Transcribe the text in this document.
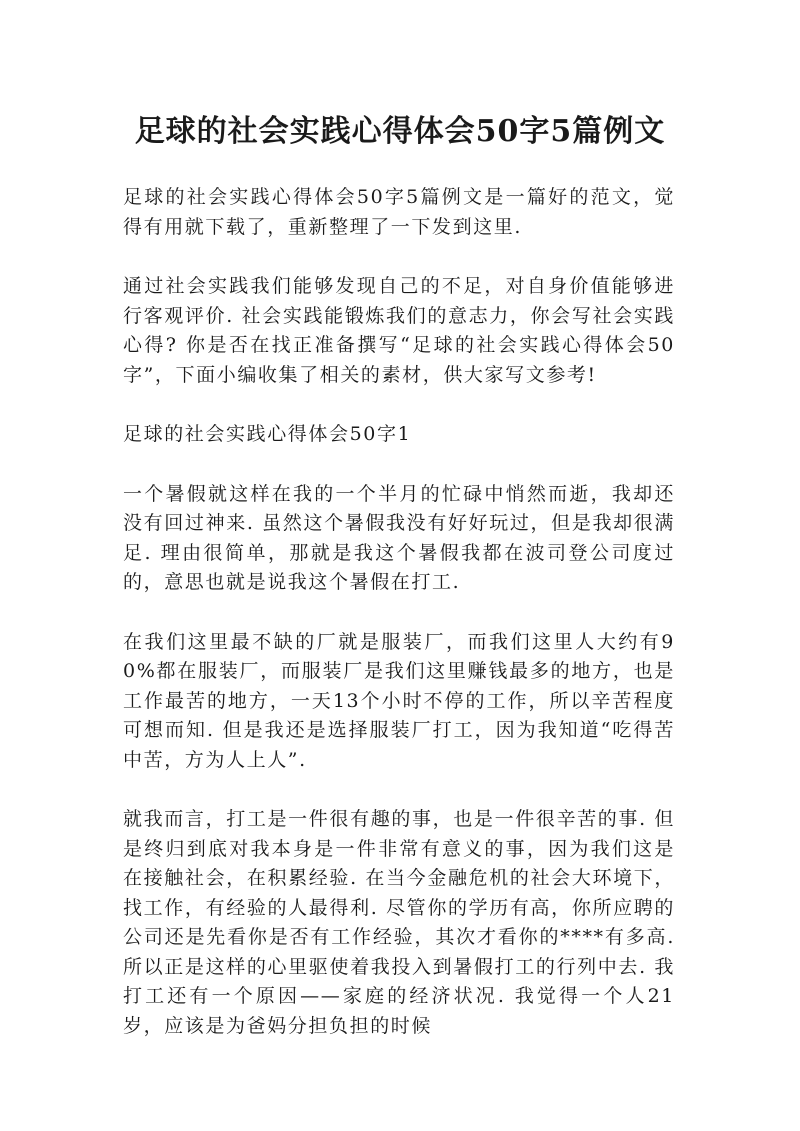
足球的社会实践心得体会50字5篇例文

足球的社会实践心得体会50字5篇例文是一篇好的范文，觉得有用就下载了，重新整理了一下发到这里.

通过社会实践我们能够发现自己的不足，对自身价值能够进行客观评价. 社会实践能锻炼我们的意志力，你会写社会实践心得? 你是否在找正准备撰写“足球的社会实践心得体会50字”，下面小编收集了相关的素材，供大家写文参考!

足球的社会实践心得体会50字1

一个暑假就这样在我的一个半月的忙碌中悄然而逝，我却还没有回过神来. 虽然这个暑假我没有好好玩过，但是我却很满足. 理由很简单，那就是我这个暑假我都在波司登公司度过的，意思也就是说我这个暑假在打工.

在我们这里最不缺的厂就是服装厂，而我们这里人大约有90%都在服装厂，而服装厂是我们这里赚钱最多的地方，也是工作最苦的地方，一天13个小时不停的工作，所以辛苦程度可想而知. 但是我还是选择服装厂打工，因为我知道“吃得苦中苦，方为人上人”.

就我而言，打工是一件很有趣的事，也是一件很辛苦的事. 但是终归到底对我本身是一件非常有意义的事，因为我们这是在接触社会，在积累经验. 在当今金融危机的社会大环境下，找工作，有经验的人最得利. 尽管你的学历有高，你所应聘的公司还是先看你是否有工作经验，其次才看你的****有多高. 所以正是这样的心里驱使着我投入到暑假打工的行列中去. 我打工还有一个原因——家庭的经济状况. 我觉得一个人21岁，应该是为爸妈分担负担的时候
